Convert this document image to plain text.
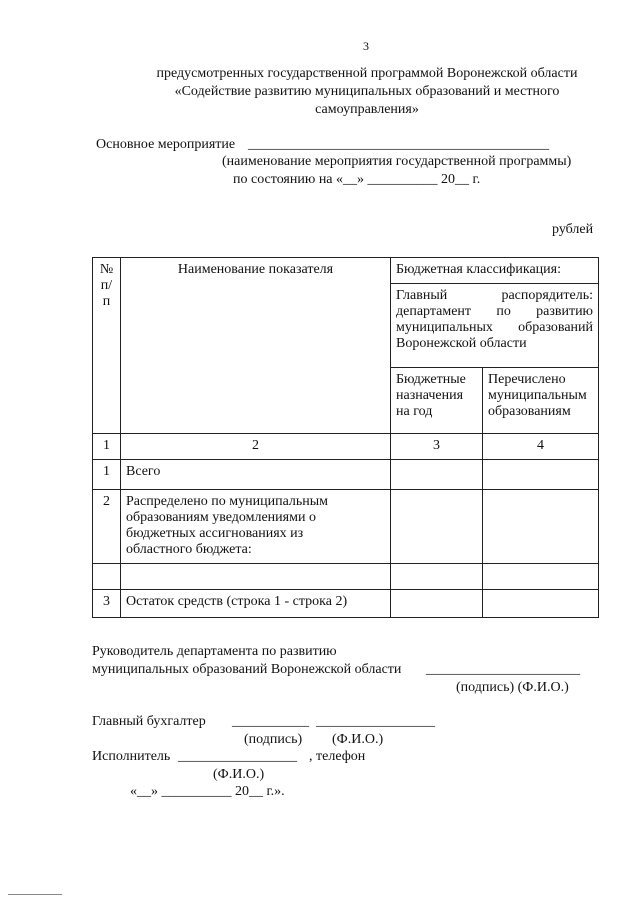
3
предусмотренных государственной программой Воронежской области
«Содействие развитию муниципальных образований и местного
самоуправления»
Основное мероприятие ___________________________________________
(наименование мероприятия государственной программы)
по состоянию на «__» __________ 20__ г.
рублей
№
п/п	Наименование показателя	Бюджетная классификация:	
		Главный распорядитель: департамент по развитию муниципальных образований Воронежской области	
		Бюджетные назначения на год	Перечислено муниципальным образованиям
1	2	3	4
1	Всего		
2	Распределено по муниципальным образованиям уведомлениями о бюджетных ассигнованиях из областного бюджета:		

3	Остаток средств (строка 1 - строка 2)		
Руководитель департамента по развитию
муниципальных образований Воронежской области ______________________
(подпись) (Ф.И.О.)
Главный бухгалтер ___________ _________________
(подпись) (Ф.И.О.)
Исполнитель _________________ , телефон
(Ф.И.О.)
«__» __________ 20__ г.».
